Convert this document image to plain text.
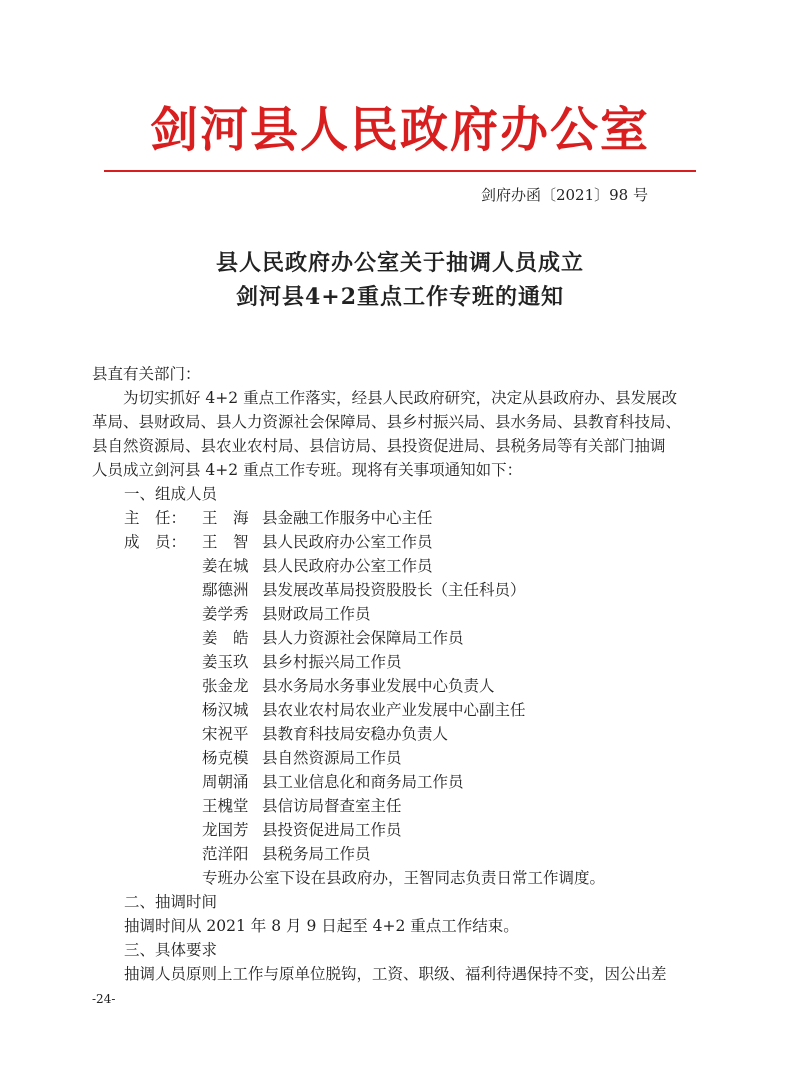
剑河县人民政府办公室
剑府办函〔2021〕98 号
县人民政府办公室关于抽调人员成立
剑河县4+2重点工作专班的通知
县直有关部门：
　　为切实抓好 4+2 重点工作落实，经县人民政府研究，决定从县政府办、县发展改
革局、县财政局、县人力资源社会保障局、县乡村振兴局、县水务局、县教育科技局、
县自然资源局、县农业农村局、县信访局、县投资促进局、县税务局等有关部门抽调
人员成立剑河县 4+2 重点工作专班。现将有关事项通知如下：
一、组成人员
主　任： 王　海 县金融工作服务中心主任
成　员： 王　智 县人民政府办公室工作员
姜在城 县人民政府办公室工作员
鄢德洲 县发展改革局投资股股长（主任科员）
姜学秀 县财政局工作员
姜　皓 县人力资源社会保障局工作员
姜玉玖 县乡村振兴局工作员
张金龙 县水务局水务事业发展中心负责人
杨汉城 县农业农村局农业产业发展中心副主任
宋祝平 县教育科技局安稳办负责人
杨克模 县自然资源局工作员
周朝涌 县工业信息化和商务局工作员
王槐堂 县信访局督查室主任
龙国芳 县投资促进局工作员
范洋阳 县税务局工作员
专班办公室下设在县政府办，王智同志负责日常工作调度。
二、抽调时间
抽调时间从 2021 年 8 月 9 日起至 4+2 重点工作结束。
三、具体要求
抽调人员原则上工作与原单位脱钩，工资、职级、福利待遇保持不变，因公出差
-24-
